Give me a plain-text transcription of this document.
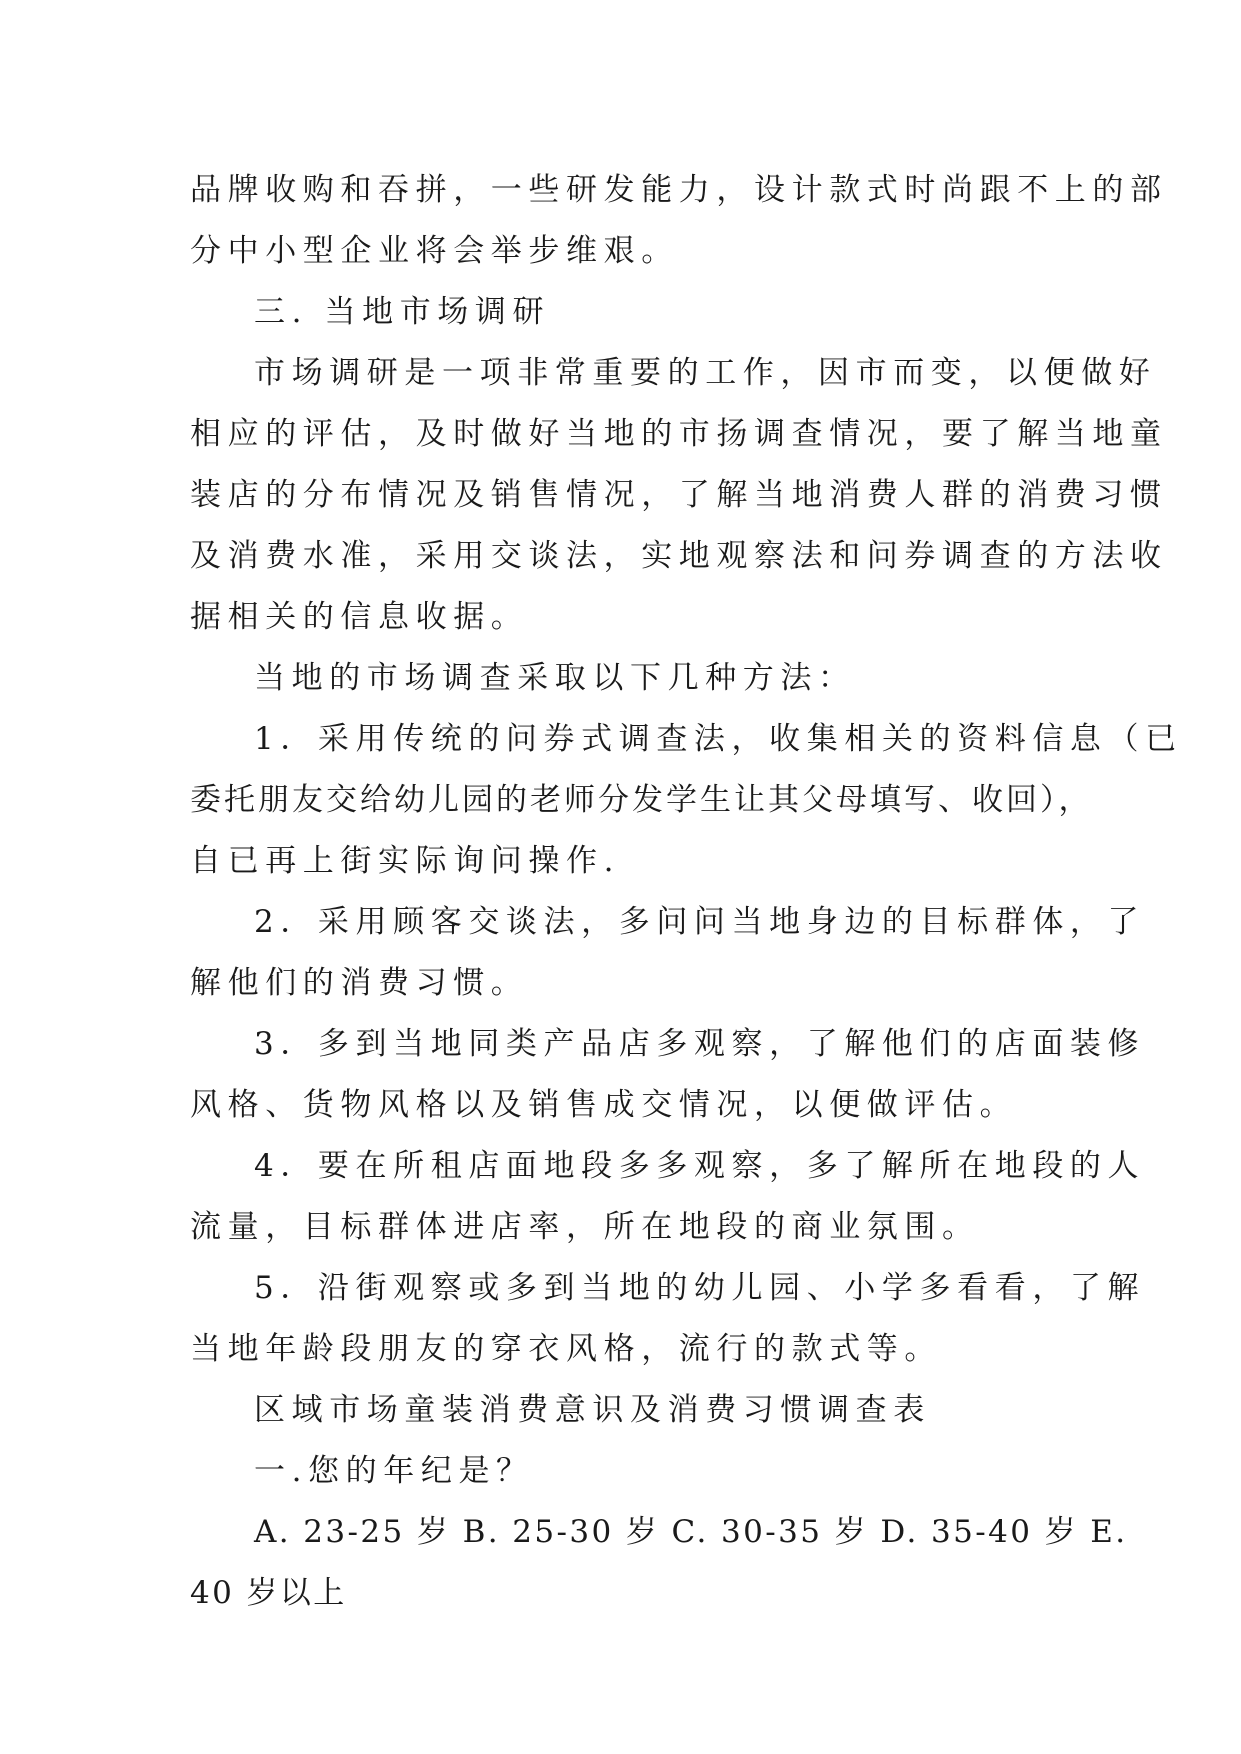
品牌收购和吞拼，一些研发能力，设计款式时尚跟不上的部
分中小型企业将会举步维艰。
三. 当地市场调研
市场调研是一项非常重要的工作，因市而变，以便做好
相应的评估，及时做好当地的市扬调查情况，要了解当地童
装店的分布情况及销售情况，了解当地消费人群的消费习惯
及消费水准，采用交谈法，实地观察法和问券调查的方法收
据相关的信息收据。
当地的市场调查采取以下几种方法：
1．采用传统的问券式调查法，收集相关的资料信息（已
委托朋友交给幼儿园的老师分发学生让其父母填写、收回），
自已再上街实际询问操作.
2．采用顾客交谈法，多问问当地身边的目标群体，了
解他们的消费习惯。
3．多到当地同类产品店多观察，了解他们的店面装修
风格、货物风格以及销售成交情况，以便做评估。
4．要在所租店面地段多多观察，多了解所在地段的人
流量，目标群体进店率，所在地段的商业氛围。
5．沿街观察或多到当地的幼儿园、小学多看看，了解
当地年龄段朋友的穿衣风格，流行的款式等。
区域市场童装消费意识及消费习惯调查表
一.您的年纪是？
A. 23-25 岁 B. 25-30 岁 C. 30-35 岁 D. 35-40 岁 E.
40 岁以上
